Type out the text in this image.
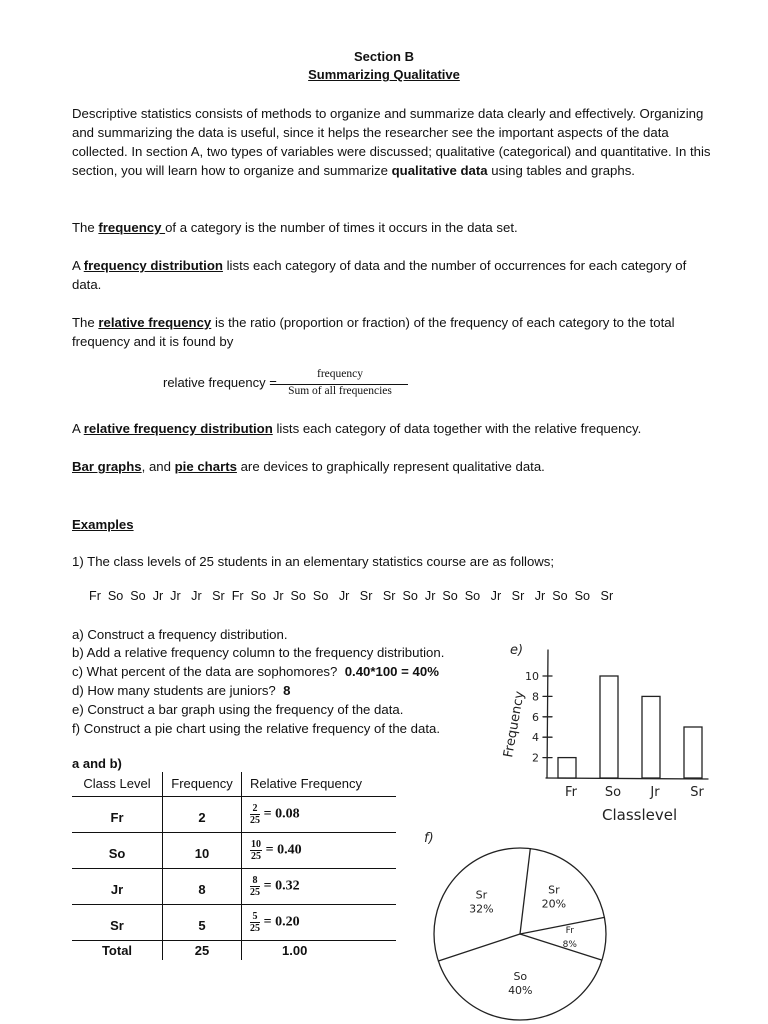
Section B
Summarizing Qualitative
Descriptive statistics consists of methods to organize and summarize data clearly and effectively. Organizing and summarizing the data is useful, since it helps the researcher see the important aspects of the data collected. In section A, two types of variables were discussed; qualitative (categorical) and quantitative. In this section, you will learn how to organize and summarize qualitative data using tables and graphs.
The frequency of a category is the number of times it occurs in the data set.
A frequency distribution lists each category of data and the number of occurrences for each category of data.
The relative frequency is the ratio (proportion or fraction) of the frequency of each category to the total frequency and it is found by
relative frequency =
frequency
Sum of all frequencies
A relative frequency distribution lists each category of data together with the relative frequency.
Bar graphs, and pie charts are devices to graphically represent qualitative data.
Examples
1) The class levels of 25 students in an elementary statistics course are as follows;
Fr  So  So  Jr  Jr   Jr   Sr  Fr  So  Jr  So  So   Jr   Sr   Sr  So  Jr  So  So   Jr   Sr   Jr  So  So   Sr
a) Construct a frequency distribution.
b) Add a relative frequency column to the frequency distribution.
c) What percent of the data are sophomores? 0.40*100 = 40%
d) How many students are juniors? 8
e) Construct a bar graph using the frequency of the data.
f) Construct a pie chart using the relative frequency of the data.
a and b)
Class Level	Frequency	Relative Frequency
Fr	2	$\frac{2}{25} = 0.08$
So	10	$\frac{10}{25} = 0.40$
Jr	8	$\frac{8}{25} = 0.32$
Sr	5	$\frac{5}{25} = 0.20$
Total	25	1.00
e)
10
8
6
4
2
Frequency
Fr So Jr Sr
Classlevel
f)
Sr
20%
Fr
8%
So
40%
Sr
32%
